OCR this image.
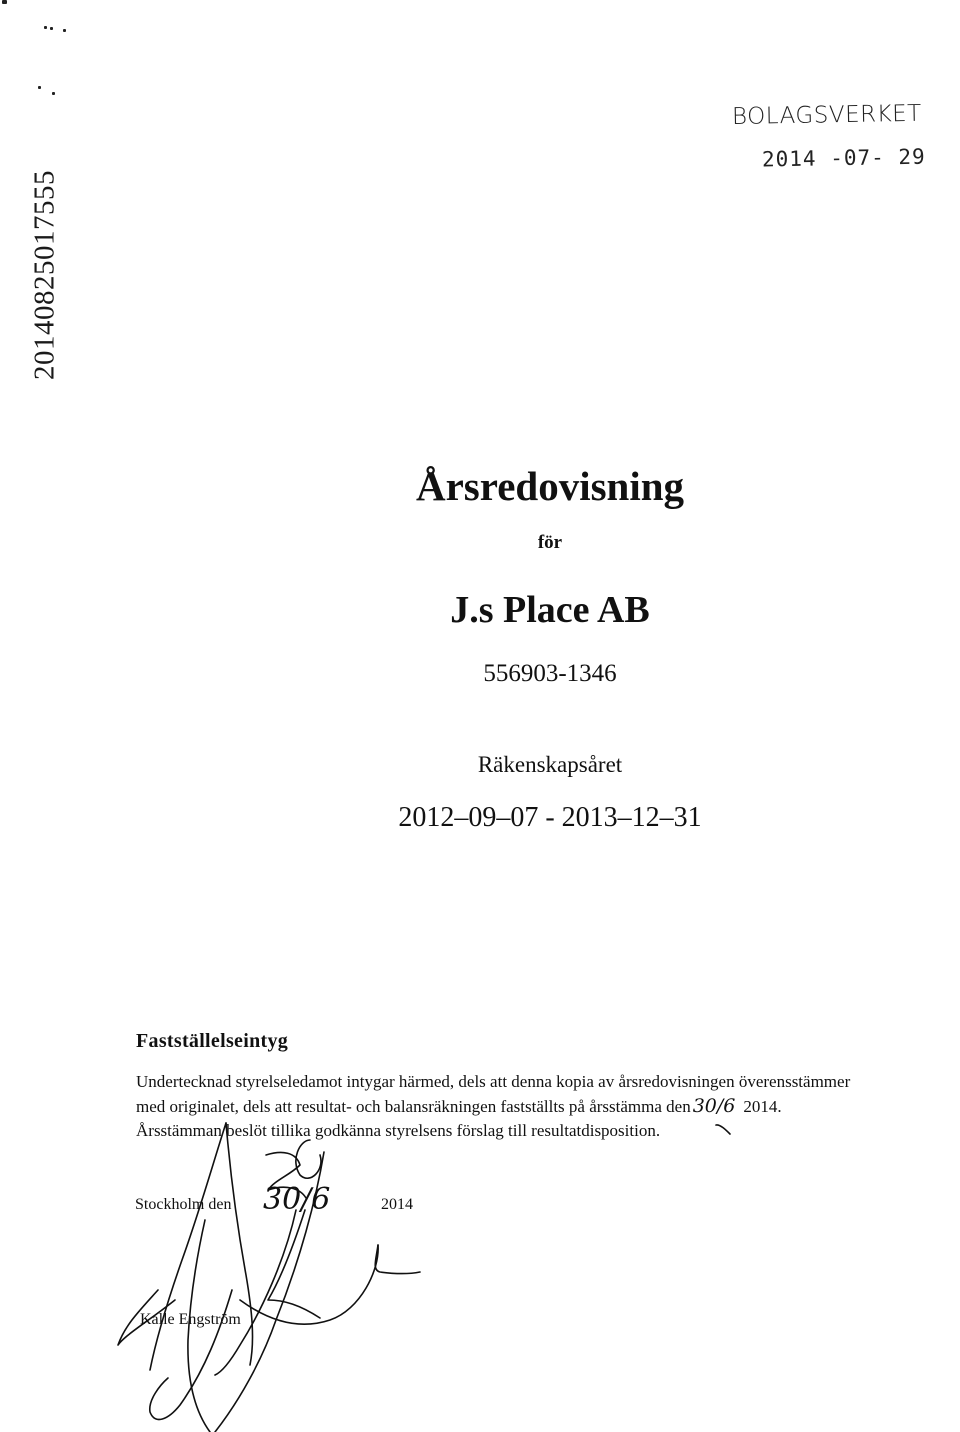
20140825017555
BOLAGSVERKET
2014 -07- 29
Årsredovisning
för
J.s Place AB
556903-1346
Räkenskapsåret
2012–09–07 - 2013–12–31
Fastställelseintyg
Undertecknad styrelseledamot intygar härmed, dels att denna kopia av årsredovisningen överensstämmer
med originalet, dels att resultat- och balansräkningen fastställts på årsstämma den 30/6 2014.
Årsstämman beslöt tillika godkänna styrelsens förslag till resultatdisposition.
Stockholm den 30/6	2014
Kalle Engström
